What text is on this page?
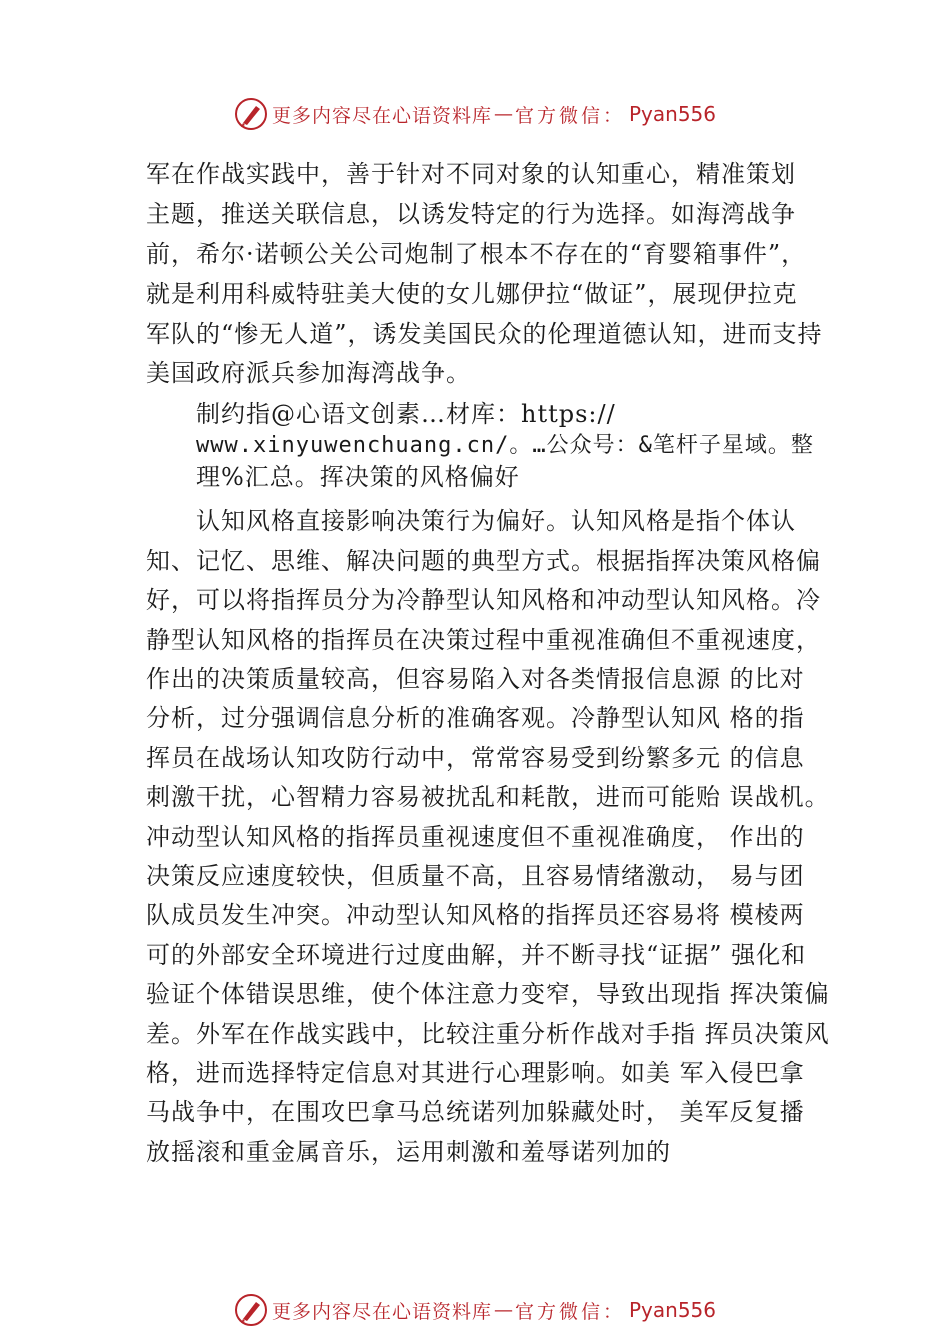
更多内容尽在心语资料库 — 官方微信： Pyan556
军在作战实践中，善于针对不同对象的认知重心，精准策划
主题，推送关联信息，以诱发特定的行为选择。如海湾战争
前，希尔·诺顿公关公司炮制了根本不存在的“育婴箱事件”，
就是利用科威特驻美大使的女儿娜伊拉“做证”，展现伊拉克
军队的“惨无人道”，诱发美国民众的伦理道德认知，进而支持
美国政府派兵参加海湾战争。
制约指@心语文创素…材库：https://
www.xinyuwenchuang.cn/。…公众号：&笔杆子星域。整
理%汇总。挥决策的风格偏好
认知风格直接影响决策行为偏好。认知风格是指个体认
知、记忆、思维、解决问题的典型方式。根据指挥决策风格偏
好，可以将指挥员分为冷静型认知风格和冲动型认知风格。冷
静型认知风格的指挥员在决策过程中重视准确但不重视速度，
作出的决策质量较高，但容易陷入对各类情报信息源 的比对
分析，过分强调信息分析的准确客观。冷静型认知风 格的指
挥员在战场认知攻防行动中，常常容易受到纷繁多元 的信息
刺激干扰，心智精力容易被扰乱和耗散，进而可能贻 误战机。
冲动型认知风格的指挥员重视速度但不重视准确度， 作出的
决策反应速度较快，但质量不高，且容易情绪激动， 易与团
队成员发生冲突。冲动型认知风格的指挥员还容易将 模棱两
可的外部安全环境进行过度曲解，并不断寻找“证据” 强化和
验证个体错误思维，使个体注意力变窄，导致出现指 挥决策偏
差。外军在作战实践中，比较注重分析作战对手指 挥员决策风
格，进而选择特定信息对其进行心理影响。如美 军入侵巴拿
马战争中，在围攻巴拿马总统诺列加躲藏处时， 美军反复播
放摇滚和重金属音乐，运用刺激和羞辱诺列加的
更多内容尽在心语资料库 — 官方微信： Pyan556
